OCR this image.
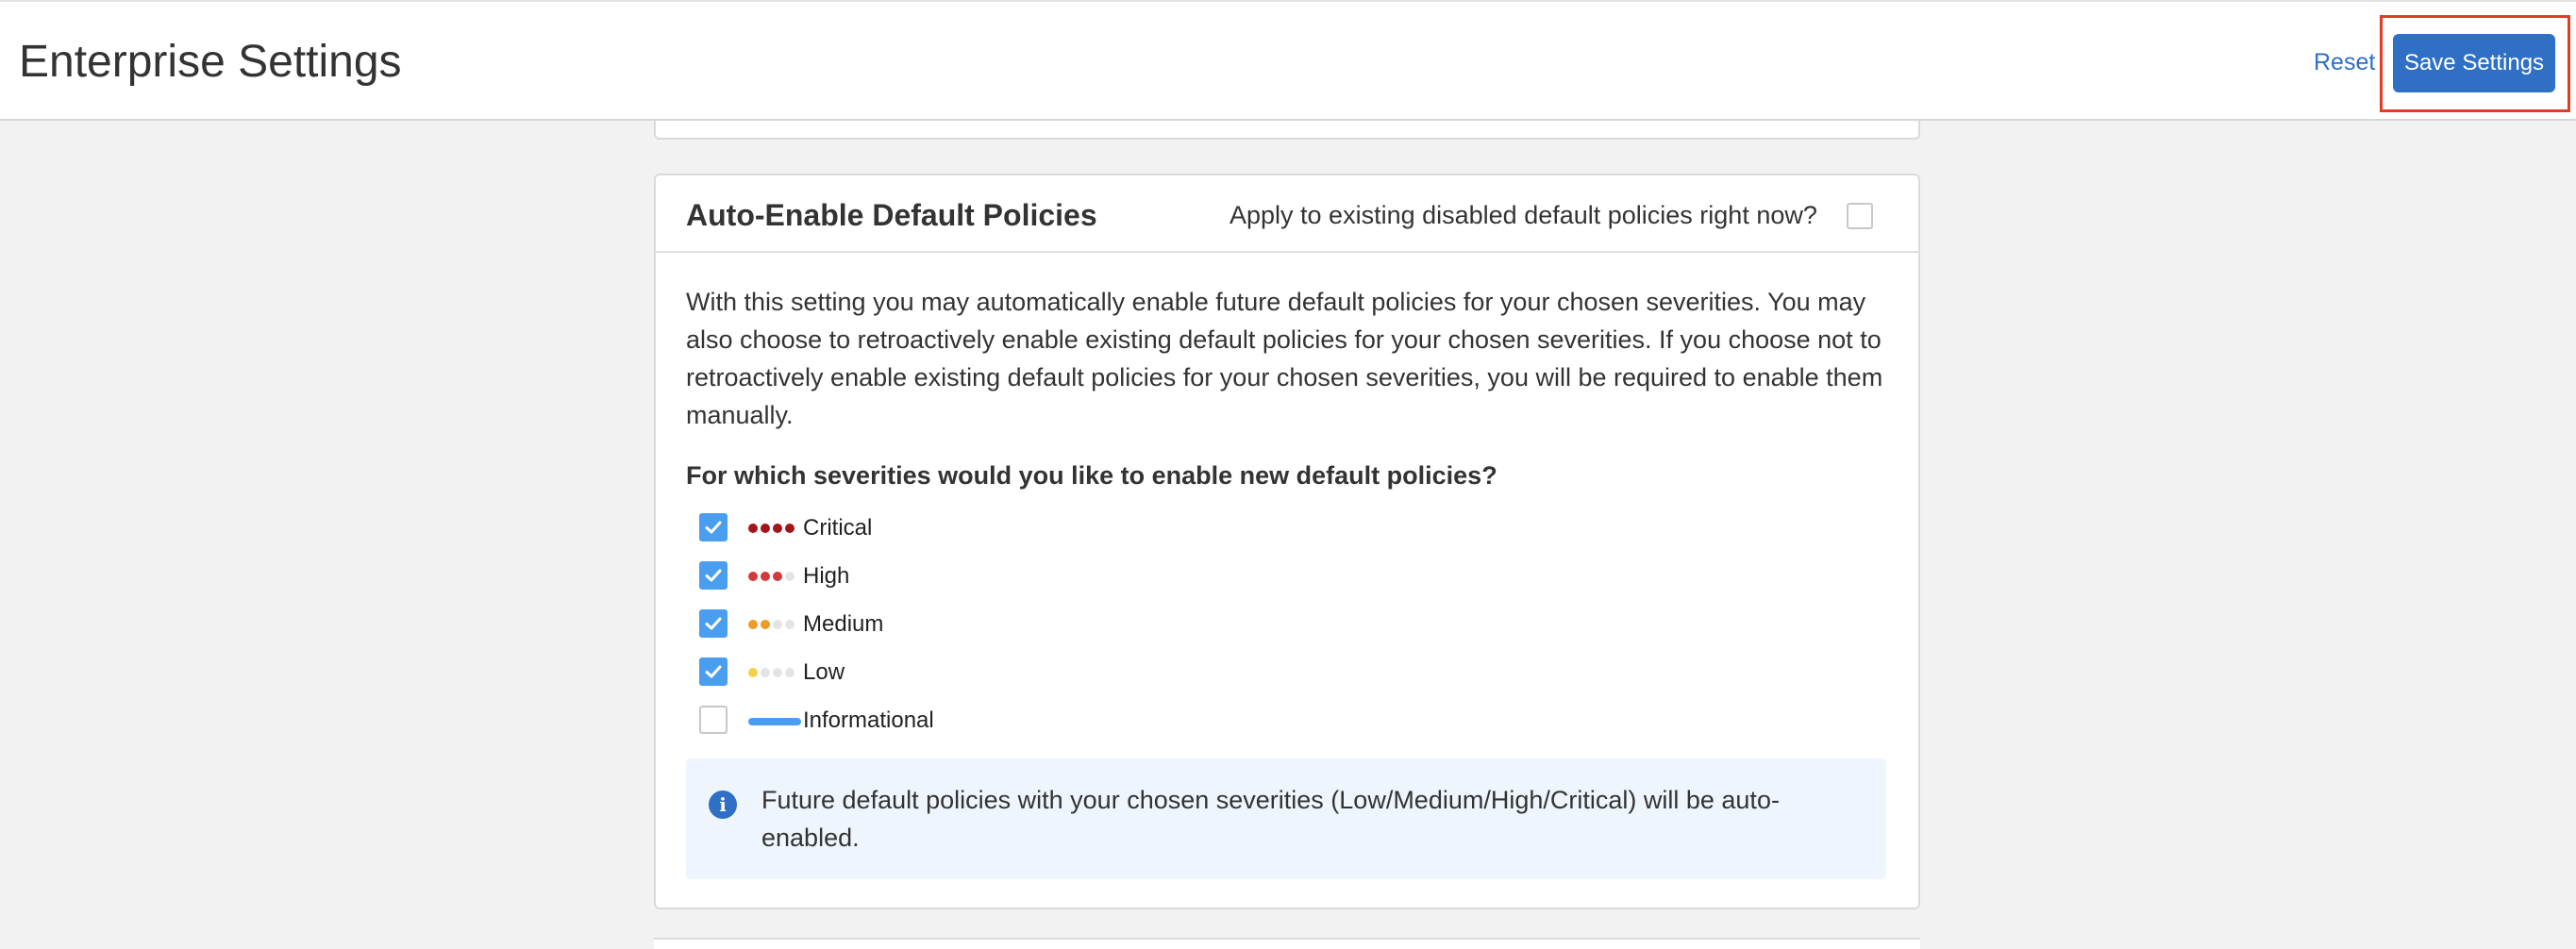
Enterprise Settings	Reset	Save Settings
Auto-Enable Default Policies	Apply to existing disabled default policies right now?

With this setting you may automatically enable future default policies for your chosen severities. You may also choose to retroactively enable existing default policies for your chosen severities. If you choose not to retroactively enable existing default policies for your chosen severities, you will be required to enable them manually.

For which severities would you like to enable new default policies?
Critical
High
Medium
Low
Informational
i	Future default policies with your chosen severities (Low/Medium/High/Critical) will be auto-enabled.
